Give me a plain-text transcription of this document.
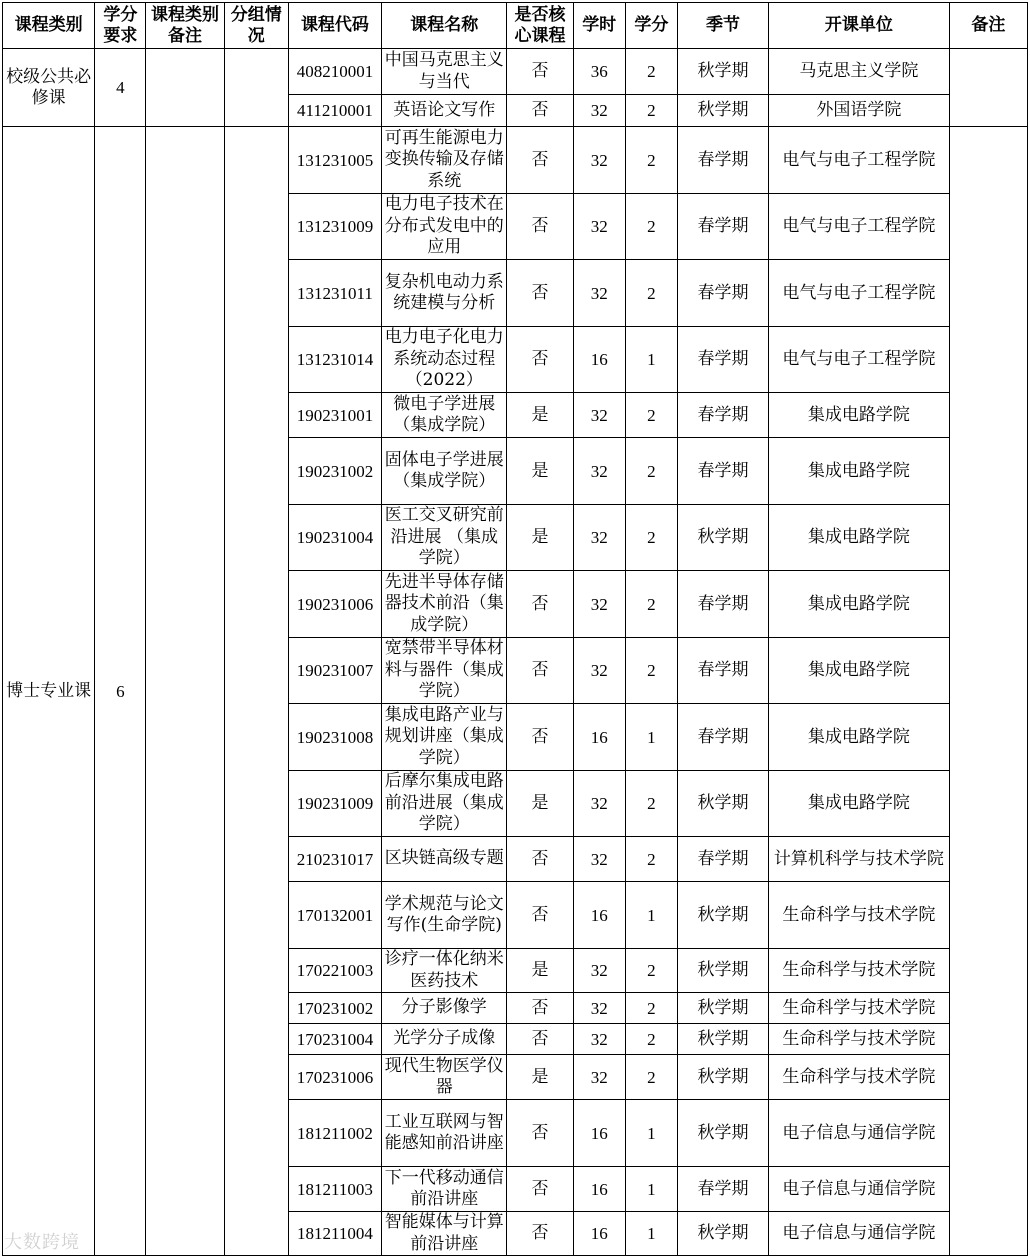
课程类别	学分要求	课程类别备注	分组情况	课程代码	课程名称	是否核心课程	学时	学分	季节	开课单位	备注
校级公共必修课	4			408210001	中国马克思主义与当代	否	36	2	秋学期	马克思主义学院	
				411210001	英语论文写作	否	32	2	秋学期	外国语学院	
博士专业课	6			131231005	可再生能源电力变换传输及存储系统	否	32	2	春学期	电气与电子工程学院	
				131231009	电力电子技术在分布式发电中的应用	否	32	2	春学期	电气与电子工程学院	
				131231011	复杂机电动力系统建模与分析	否	32	2	春学期	电气与电子工程学院	
				131231014	电力电子化电力系统动态过程（2022）	否	16	1	春学期	电气与电子工程学院	
				190231001	微电子学进展（集成学院）	是	32	2	春学期	集成电路学院	
				190231002	固体电子学进展（集成学院）	是	32	2	春学期	集成电路学院	
				190231004	医工交叉研究前沿进展 （集成学院）	是	32	2	秋学期	集成电路学院	
				190231006	先进半导体存储器技术前沿（集成学院）	否	32	2	春学期	集成电路学院	
				190231007	宽禁带半导体材料与器件（集成学院）	否	32	2	春学期	集成电路学院	
				190231008	集成电路产业与规划讲座（集成学院）	否	16	1	春学期	集成电路学院	
				190231009	后摩尔集成电路前沿进展（集成学院）	是	32	2	秋学期	集成电路学院	
				210231017	区块链高级专题	否	32	2	春学期	计算机科学与技术学院	
				170132001	学术规范与论文写作(生命学院)	否	16	1	秋学期	生命科学与技术学院	
				170221003	诊疗一体化纳米医药技术	是	32	2	秋学期	生命科学与技术学院	
				170231002	分子影像学	否	32	2	秋学期	生命科学与技术学院	
				170231004	光学分子成像	否	32	2	秋学期	生命科学与技术学院	
				170231006	现代生物医学仪器	是	32	2	秋学期	生命科学与技术学院	
				181211002	工业互联网与智能感知前沿讲座	否	16	1	秋学期	电子信息与通信学院	
				181211003	下一代移动通信前沿讲座	否	16	1	春学期	电子信息与通信学院	
				181211004	智能媒体与计算前沿讲座	否	16	1	秋学期	电子信息与通信学院	
大数跨境
